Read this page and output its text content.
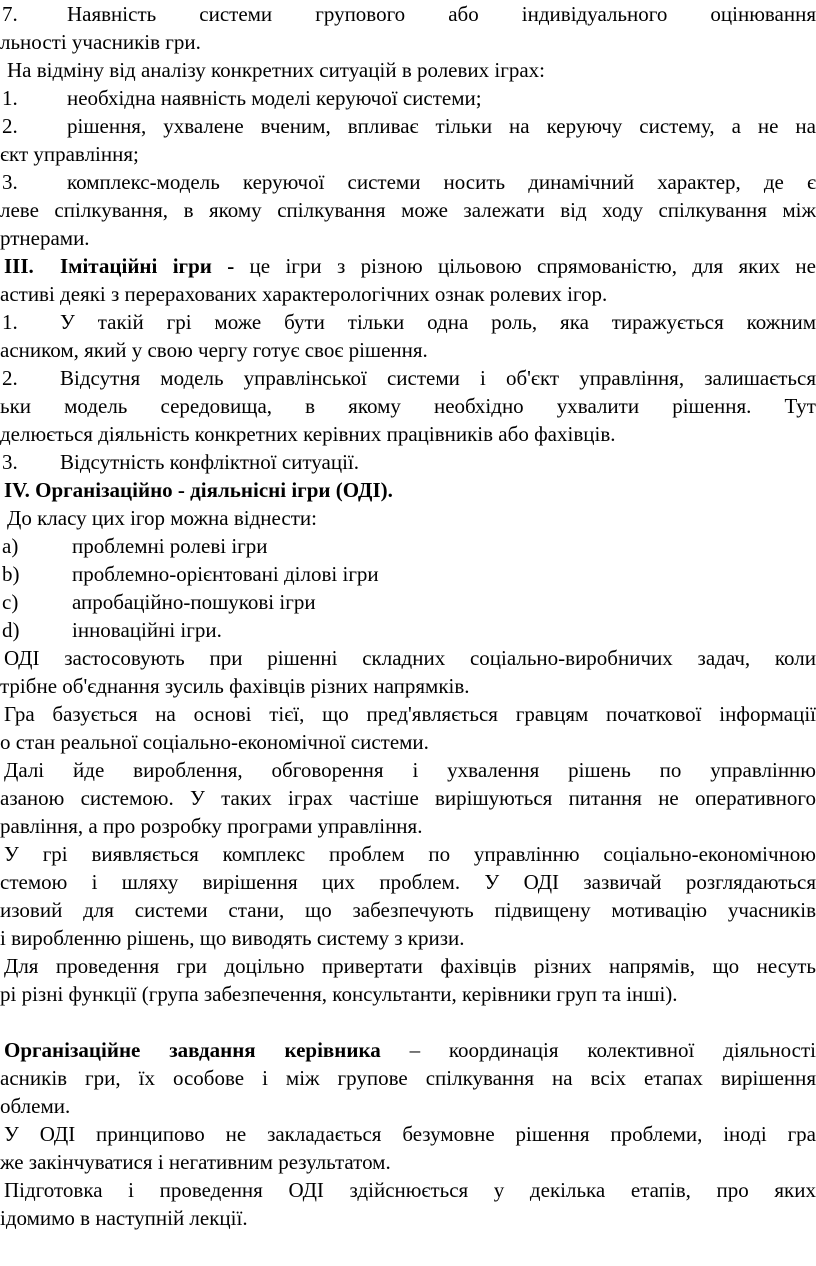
7. Наявність системи групового або індивідуального оцінювання
льності учасників гри.
На відміну від аналізу конкретних ситуацій в ролевих іграх:
1. необхідна наявність моделі керуючої системи;
2. рішення, ухвалене вченим, впливає тільки на керуючу систему, а не на
єкт управління;
3. комплекс-модель керуючої системи носить динамічний характер, де є
леве спілкування, в якому спілкування може залежати від ходу спілкування між
ртнерами.
III. Імітаційні ігри - це ігри з різною цільовою спрямованістю, для яких не
астиві деякі з перерахованих характерологічних ознак ролевих ігор.
1. У такій грі може бути тільки одна роль, яка тиражується кожним
асником, який у свою чергу готує своє рішення.
2. Відсутня модель управлінської системи і об'єкт управління, залишається
ьки модель середовища, в якому необхідно ухвалити рішення. Тут
делюється діяльність конкретних керівних працівників або фахівців.
3. Відсутність конфліктної ситуації.
IV. Організаційно - діяльнісні ігри (ОДІ).
До класу цих ігор можна віднести:
a)	проблемні ролеві ігри
b)	проблемно-орієнтовані ділові ігри
c)	апробаційно-пошукові ігри
d)	інноваційні ігри.
ОДІ застосовують при рішенні складних соціально-виробничих задач, коли
трібне об'єднання зусиль фахівців різних напрямків.
Гра базується на основі тієї, що пред'являється гравцям початкової інформації
о стан реальної соціально-економічної системи.
Далі йде вироблення, обговорення і ухвалення рішень по управлінню
азаною системою. У таких іграх частіше вирішуються питання не оперативного
равління, а про розробку програми управління.
У грі виявляється комплекс проблем по управлінню соціально-економічною
стемою і шляху вирішення цих проблем. У ОДІ зазвичай розглядаються
изовий для системи стани, що забезпечують підвищену мотивацію учасників
і виробленню рішень, що виводять систему з кризи.
Для проведення гри доцільно привертати фахівців різних напрямів, що несуть
рі різні функції (група забезпечення, консультанти, керівники груп та інші).
Організаційне завдання керівника – координація колективної діяльності
асників гри, їх особове і між групове спілкування на всіх етапах вирішення
облеми.
У ОДІ принципово не закладається безумовне рішення проблеми, іноді гра
же закінчуватися і негативним результатом.
Підготовка і проведення ОДІ здійснюється у декілька етапів, про яких
ідомимо в наступній лекції.
